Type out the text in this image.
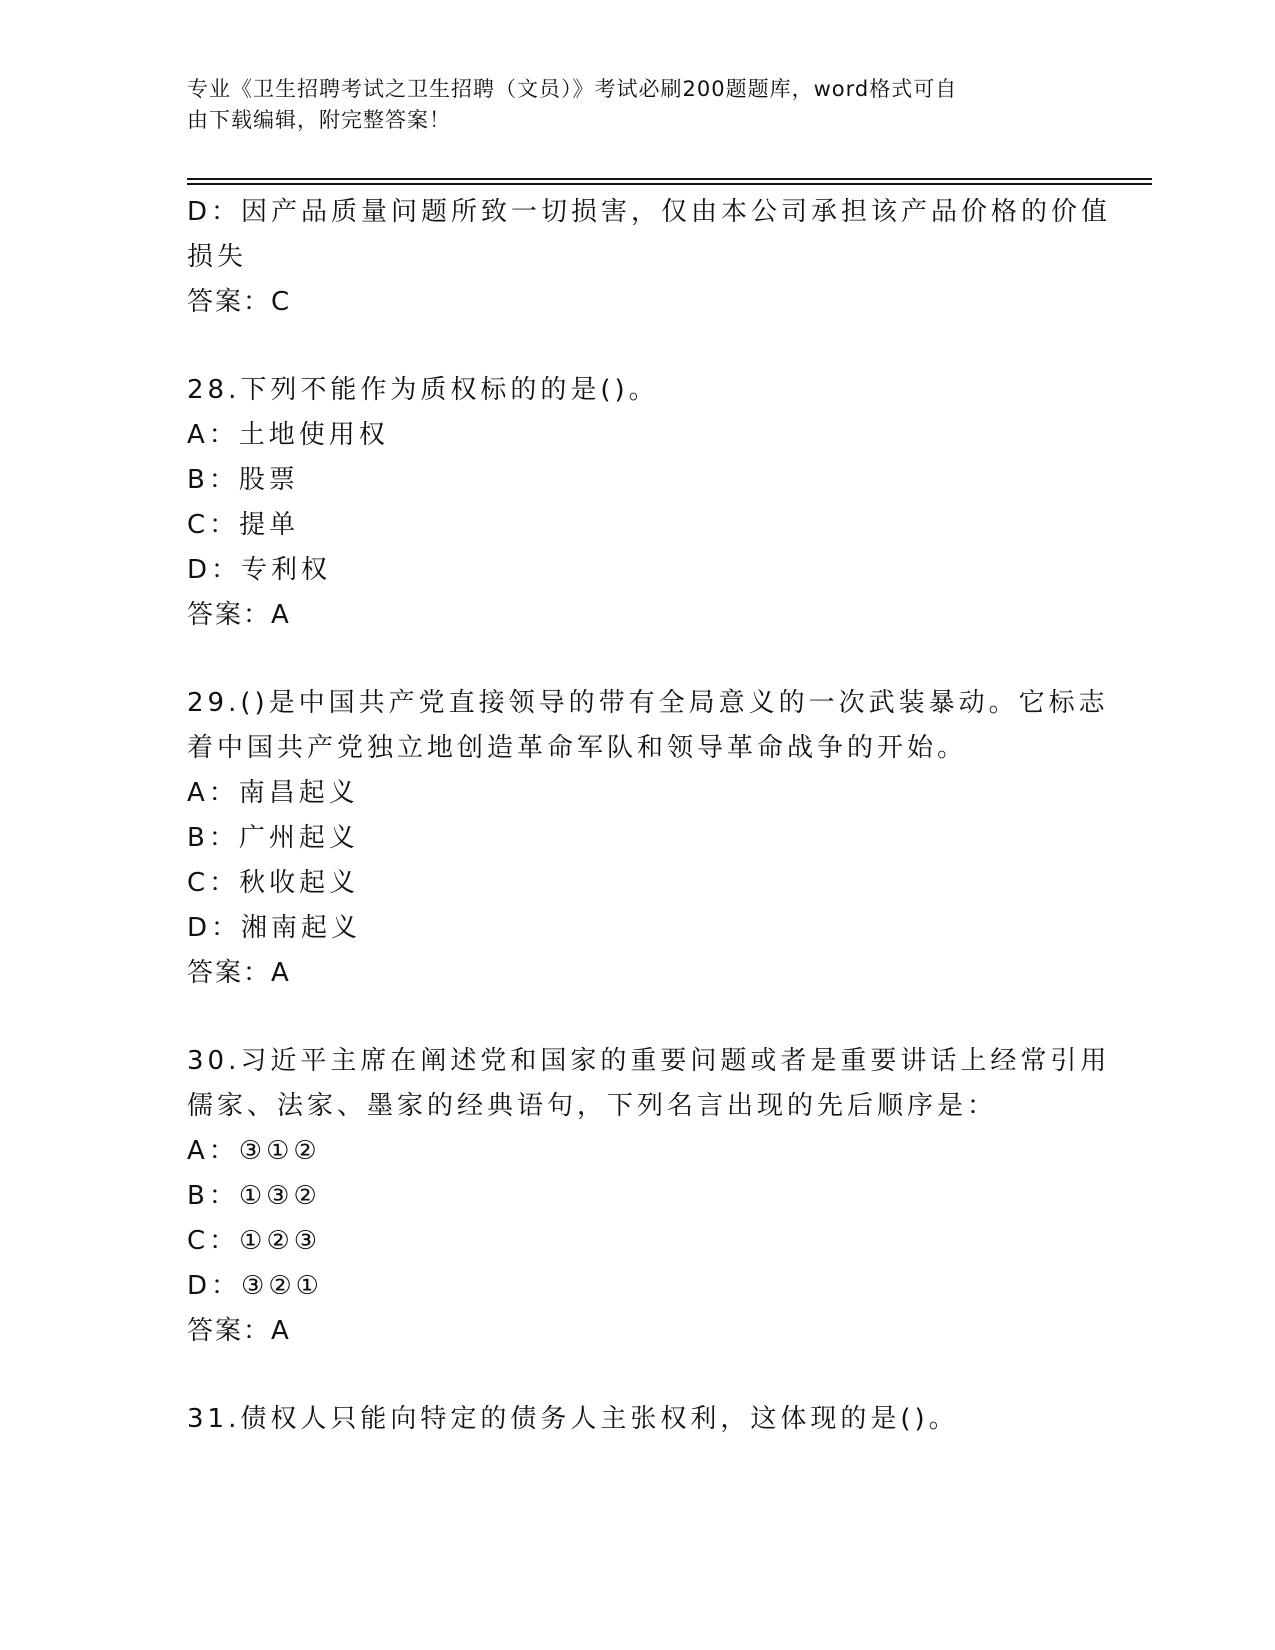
专业《卫生招聘考试之卫生招聘（文员）》考试必刷200题题库，word格式可自
由下载编辑，附完整答案！
D：因产品质量问题所致一切损害，仅由本公司承担该产品价格的价值
损失
答案：C
28.下列不能作为质权标的的是()。
A：土地使用权
B：股票
C：提单
D：专利权
答案：A
29.()是中国共产党直接领导的带有全局意义的一次武装暴动。它标志
着中国共产党独立地创造革命军队和领导革命战争的开始。
A：南昌起义
B：广州起义
C：秋收起义
D：湘南起义
答案：A
30.习近平主席在阐述党和国家的重要问题或者是重要讲话上经常引用
儒家、法家、墨家的经典语句，下列名言出现的先后顺序是：
A：③①②
B：①③②
C：①②③
D：③②①
答案：A
31.债权人只能向特定的债务人主张权利，这体现的是()。
